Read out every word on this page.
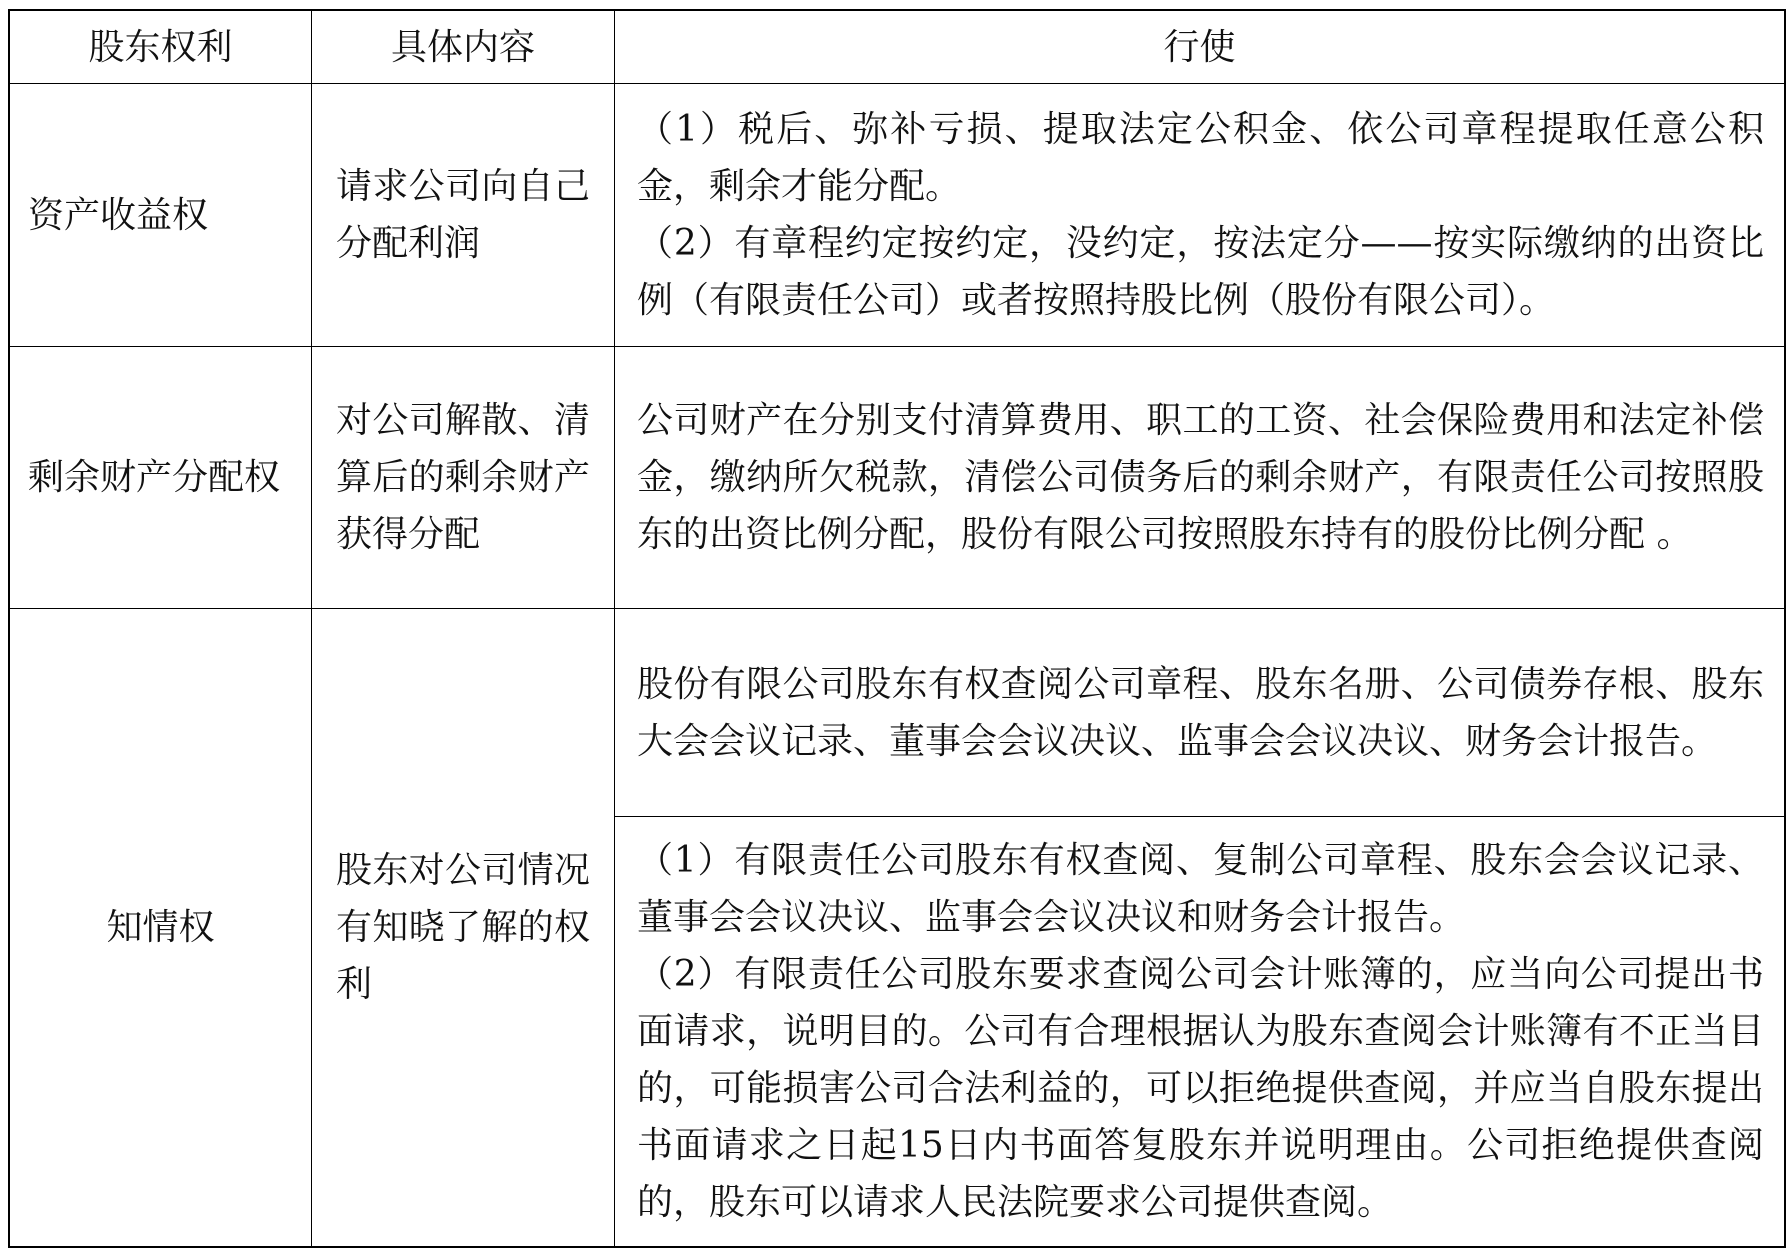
股东权利	具体内容	行使
资产收益权
请求公司向自己分配利润
（1）税后、弥补亏损、提取法定公积金、依公司章程提取任意公积金，剩余才能分配。
（2）有章程约定按约定，没约定，按法定分——按实际缴纳的出资比例（有限责任公司）或者按照持股比例（股份有限公司）。
剩余财产分配权
对公司解散、清算后的剩余财产获得分配
公司财产在分别支付清算费用、职工的工资、社会保险费用和法定补偿金，缴纳所欠税款，清偿公司债务后的剩余财产，有限责任公司按照股东的出资比例分配，股份有限公司按照股东持有的股份比例分配 。
知情权
股东对公司情况有知晓了解的权利
股份有限公司股东有权查阅公司章程、股东名册、公司债券存根、股东大会会议记录、董事会会议决议、监事会会议决议、财务会计报告。
（1）有限责任公司股东有权查阅、复制公司章程、股东会会议记录、董事会会议决议、监事会会议决议和财务会计报告。
（2）有限责任公司股东要求查阅公司会计账簿的，应当向公司提出书面请求，说明目的。公司有合理根据认为股东查阅会计账簿有不正当目的，可能损害公司合法利益的，可以拒绝提供查阅，并应当自股东提出书面请求之日起15日内书面答复股东并说明理由。公司拒绝提供查阅的，股东可以请求人民法院要求公司提供查阅。
